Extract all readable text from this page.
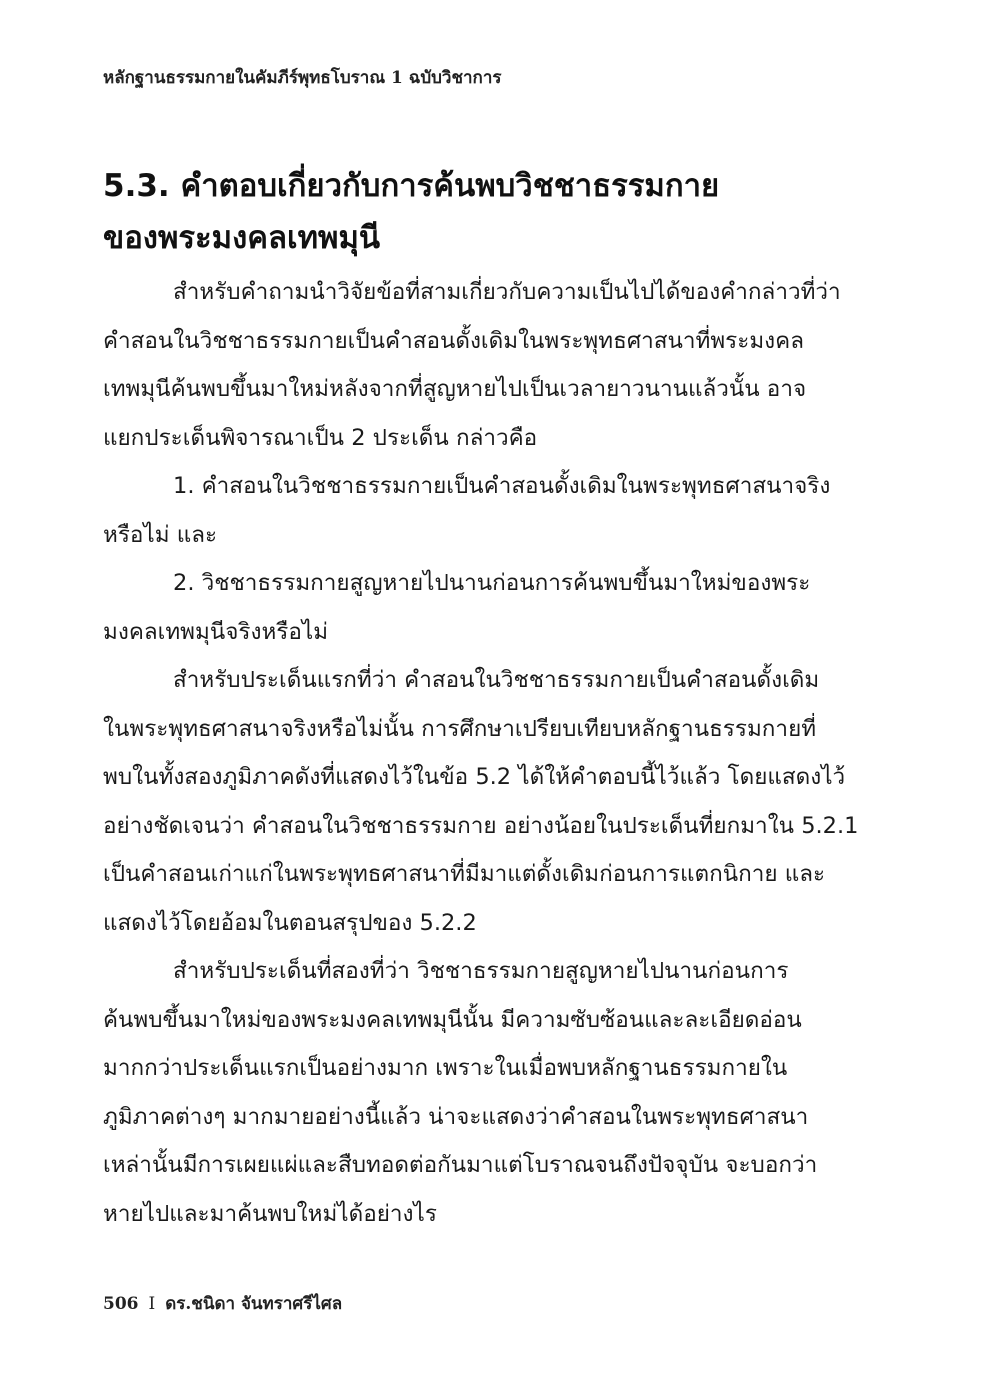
หลักฐานธรรมกายในคัมภีร์พุทธโบราณ 1 ฉบับวิชาการ
5.3. คำตอบเกี่ยวกับการค้นพบวิชชาธรรมกาย
ของพระมงคลเทพมุนี

สำหรับคำถามนำวิจัยข้อที่สามเกี่ยวกับความเป็นไปได้ของคำกล่าวที่ว่า
คำสอนในวิชชาธรรมกายเป็นคำสอนดั้งเดิมในพระพุทธศาสนาที่พระมงคล
เทพมุนีค้นพบขึ้นมาใหม่หลังจากที่สูญหายไปเป็นเวลายาวนานแล้วนั้น อาจ
แยกประเด็นพิจารณาเป็น 2 ประเด็น กล่าวคือ

1. คำสอนในวิชชาธรรมกายเป็นคำสอนดั้งเดิมในพระพุทธศาสนาจริง
หรือไม่ และ

2. วิชชาธรรมกายสูญหายไปนานก่อนการค้นพบขึ้นมาใหม่ของพระ
มงคลเทพมุนีจริงหรือไม่

สำหรับประเด็นแรกที่ว่า คำสอนในวิชชาธรรมกายเป็นคำสอนดั้งเดิม
ในพระพุทธศาสนาจริงหรือไม่นั้น การศึกษาเปรียบเทียบหลักฐานธรรมกายที่
พบในทั้งสองภูมิภาคดังที่แสดงไว้ในข้อ 5.2 ได้ให้คำตอบนี้ไว้แล้ว โดยแสดงไว้
อย่างชัดเจนว่า คำสอนในวิชชาธรรมกาย อย่างน้อยในประเด็นที่ยกมาใน 5.2.1
เป็นคำสอนเก่าแก่ในพระพุทธศาสนาที่มีมาแต่ดั้งเดิมก่อนการแตกนิกาย และ
แสดงไว้โดยอ้อมในตอนสรุปของ 5.2.2

สำหรับประเด็นที่สองที่ว่า วิชชาธรรมกายสูญหายไปนานก่อนการ
ค้นพบขึ้นมาใหม่ของพระมงคลเทพมุนีนั้น มีความซับซ้อนและละเอียดอ่อน
มากกว่าประเด็นแรกเป็นอย่างมาก เพราะในเมื่อพบหลักฐานธรรมกายใน
ภูมิภาคต่างๆ มากมายอย่างนี้แล้ว น่าจะแสดงว่าคำสอนในพระพุทธศาสนา
เหล่านั้นมีการเผยแผ่และสืบทอดต่อกันมาแต่โบราณจนถึงปัจจุบัน จะบอกว่า
หายไปและมาค้นพบใหม่ได้อย่างไร

506 I ดร.ชนิดา จันทราศรีไศล
